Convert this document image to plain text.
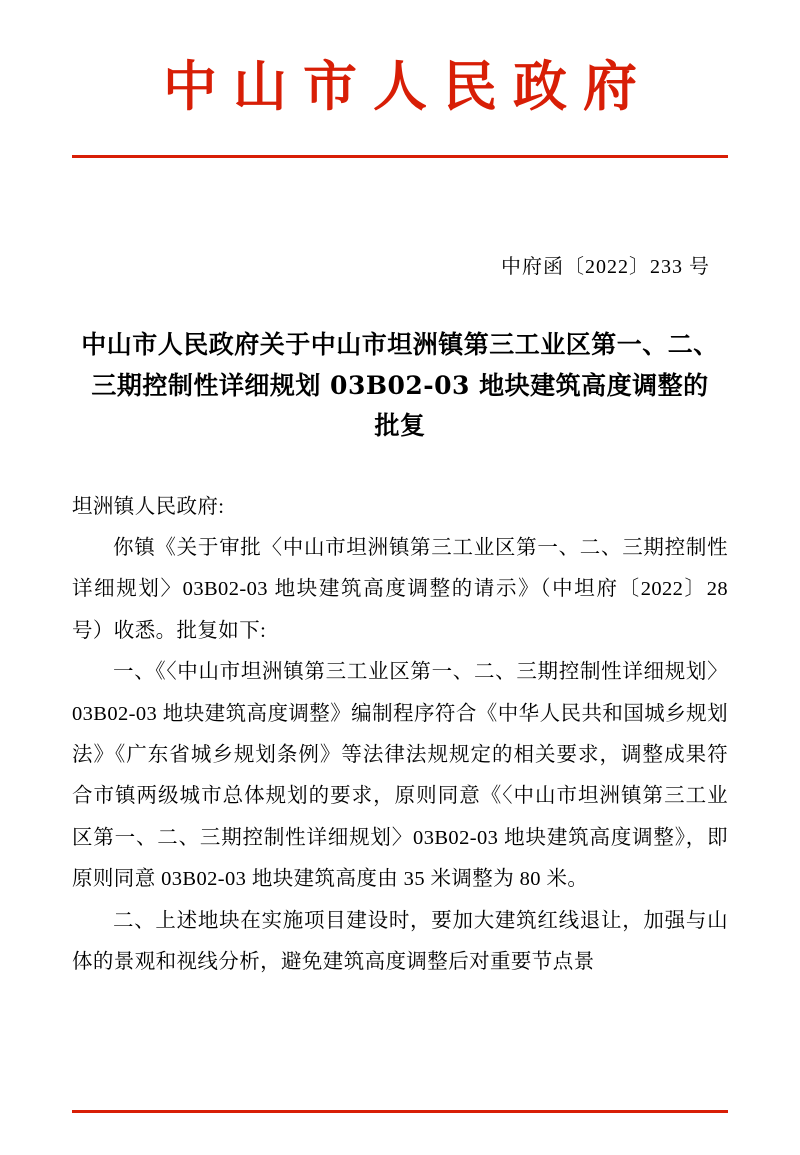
中山市人民政府
中府函〔2022〕233 号
中山市人民政府关于中山市坦洲镇第三工业区第一、二、三期控制性详细规划 03B02-03 地块建筑高度调整的批复

坦洲镇人民政府:

你镇《关于审批〈中山市坦洲镇第三工业区第一、二、三期控制性详细规划〉03B02-03 地块建筑高度调整的请示》（中坦府〔2022〕28 号）收悉。批复如下:

一、《〈中山市坦洲镇第三工业区第一、二、三期控制性详细规划〉03B02-03 地块建筑高度调整》编制程序符合《中华人民共和国城乡规划法》《广东省城乡规划条例》等法律法规规定的相关要求，调整成果符合市镇两级城市总体规划的要求，原则同意《〈中山市坦洲镇第三工业区第一、二、三期控制性详细规划〉03B02-03 地块建筑高度调整》，即原则同意 03B02-03 地块建筑高度由 35 米调整为 80 米。

二、上述地块在实施项目建设时，要加大建筑红线退让，加强与山体的景观和视线分析，避免建筑高度调整后对重要节点景
